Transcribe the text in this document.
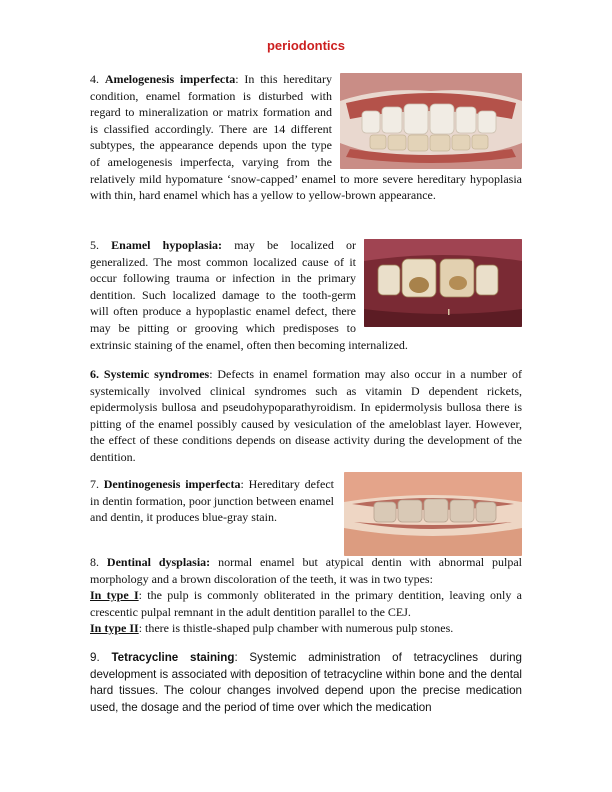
periodontics

4. Amelogenesis imperfecta: In this hereditary condition, enamel formation is disturbed with regard to mineralization or matrix formation and is classified accordingly. There are 14 different subtypes, the appearance depends upon the type of amelogenesis imperfecta, varying from the relatively mild hypomature ‘snow-capped’ enamel to more severe hereditary hypoplasia with thin, hard enamel which has a yellow to yellow-brown appearance.

5. Enamel hypoplasia: may be localized or generalized. The most common localized cause of it occur following trauma or infection in the primary dentition. Such localized damage to the tooth-germ will often produce a hypoplastic enamel defect, there may be pitting or grooving which predisposes to extrinsic staining of the enamel, often then becoming internalized.

6. Systemic syndromes: Defects in enamel formation may also occur in a number of systemically involved clinical syndromes such as vitamin D dependent rickets, epidermolysis bullosa and pseudohypoparathyroidism. In epidermolysis bullosa there is pitting of the enamel possibly caused by vesiculation of the ameloblast layer. However, the effect of these conditions depends on disease activity during the development of the dentition.

7. Dentinogenesis imperfecta: Hereditary defect in dentin formation, poor junction between enamel and dentin, it produces blue-gray stain.

8. Dentinal dysplasia: normal enamel but atypical dentin with abnormal pulpal morphology and a brown discoloration of the teeth, it was in two types:
In type I: the pulp is commonly obliterated in the primary dentition, leaving only a crescentic pulpal remnant in the adult dentition parallel to the CEJ.
In type II: there is thistle-shaped pulp chamber with numerous pulp stones.

9. Tetracycline staining: Systemic administration of tetracyclines during development is associated with deposition of tetracycline within bone and the dental hard tissues. The colour changes involved depend upon the precise medication used, the dosage and the period of time over which the medication
